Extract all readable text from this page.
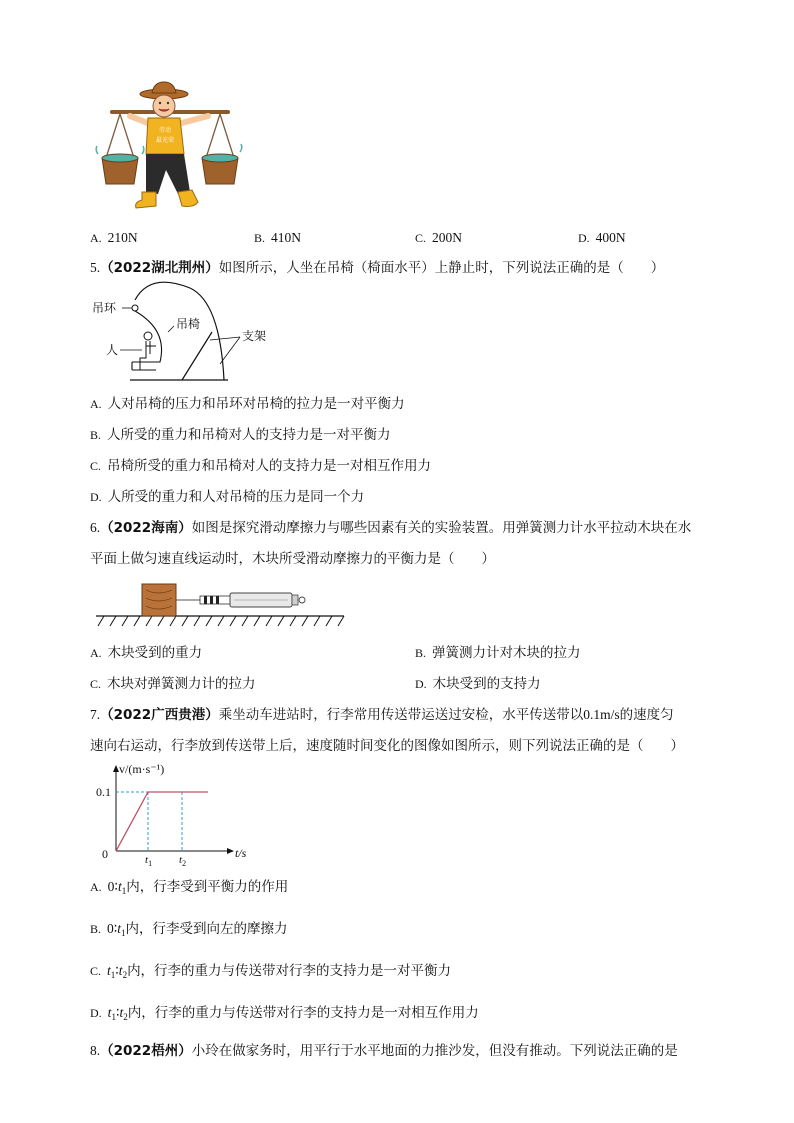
劳动
最光荣
A. 210N	B. 410N	C. 200N	D. 400N
5.（2022湖北荆州）如图所示，人坐在吊椅（椅面水平）上静止时，下列说法正确的是（　　）
吊环
吊椅
人
支架
A. 人对吊椅的压力和吊环对吊椅的拉力是一对平衡力
B. 人所受的重力和吊椅对人的支持力是一对平衡力
C. 吊椅所受的重力和吊椅对人的支持力是一对相互作用力
D. 人所受的重力和人对吊椅的压力是同一个力
6.（2022海南）如图是探究滑动摩擦力与哪些因素有关的实验装置。用弹簧测力计水平拉动木块在水
平面上做匀速直线运动时，木块所受滑动摩擦力的平衡力是（　　）
A. 木块受到的重力	B. 弹簧测力计对木块的拉力
C. 木块对弹簧测力计的拉力	D. 木块受到的支持力
7.（2022广西贵港）乘坐动车进站时，行李常用传送带运送过安检，水平传送带以0.1m/s的速度匀
速向右运动，行李放到传送带上后，速度随时间变化的图像如图所示，则下列说法正确的是（　　）
v/(m·s⁻¹)
t/s
0.1
0	$t_1$ $t_2$
A. $0∶t_1$内，行李受到平衡力的作用
B. $0∶t_1$内，行李受到向左的摩擦力
C. $t_1∶t_2$内，行李的重力与传送带对行李的支持力是一对平衡力
D. $t_1∶t_2$内，行李的重力与传送带对行李的支持力是一对相互作用力
8.（2022梧州）小玲在做家务时，用平行于水平地面的力推沙发，但没有推动。下列说法正确的是
